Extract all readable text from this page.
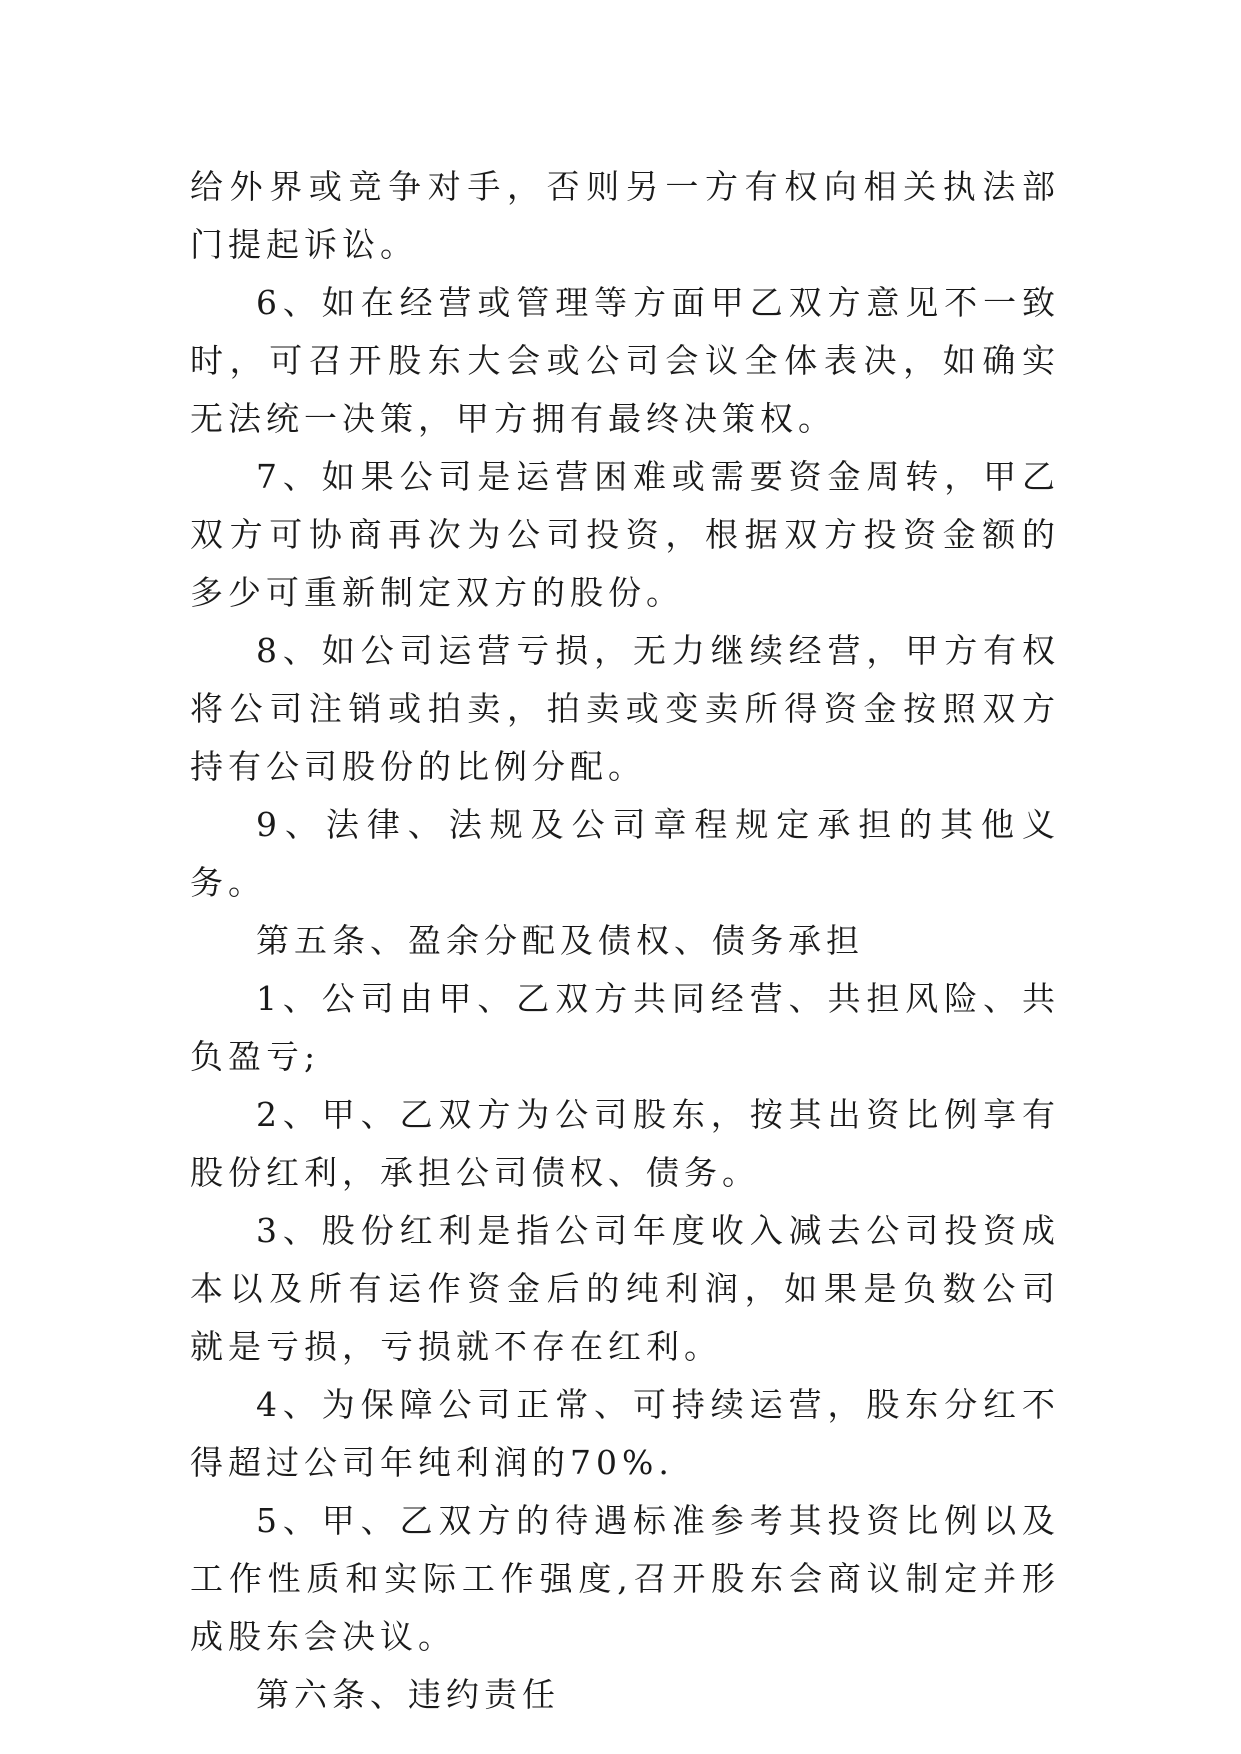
给外界或竞争对手，否则另一方有权向相关执法部门提起诉讼。

6、如在经营或管理等方面甲乙双方意见不一致时，可召开股东大会或公司会议全体表决，如确实无法统一决策，甲方拥有最终决策权。

7、如果公司是运营困难或需要资金周转，甲乙双方可协商再次为公司投资，根据双方投资金额的多少可重新制定双方的股份。

8、如公司运营亏损，无力继续经营，甲方有权将公司注销或拍卖，拍卖或变卖所得资金按照双方持有公司股份的比例分配。

9、法律、法规及公司章程规定承担的其他义务。

第五条、盈余分配及债权、债务承担

1、公司由甲、乙双方共同经营、共担风险、共负盈亏;

2、甲、乙双方为公司股东，按其出资比例享有股份红利，承担公司债权、债务。

3、股份红利是指公司年度收入减去公司投资成本以及所有运作资金后的纯利润，如果是负数公司就是亏损，亏损就不存在红利。

4、为保障公司正常、可持续运营，股东分红不得超过公司年纯利润的70%.

5、甲、乙双方的待遇标准参考其投资比例以及工作性质和实际工作强度,召开股东会商议制定并形成股东会决议。

第六条、违约责任
